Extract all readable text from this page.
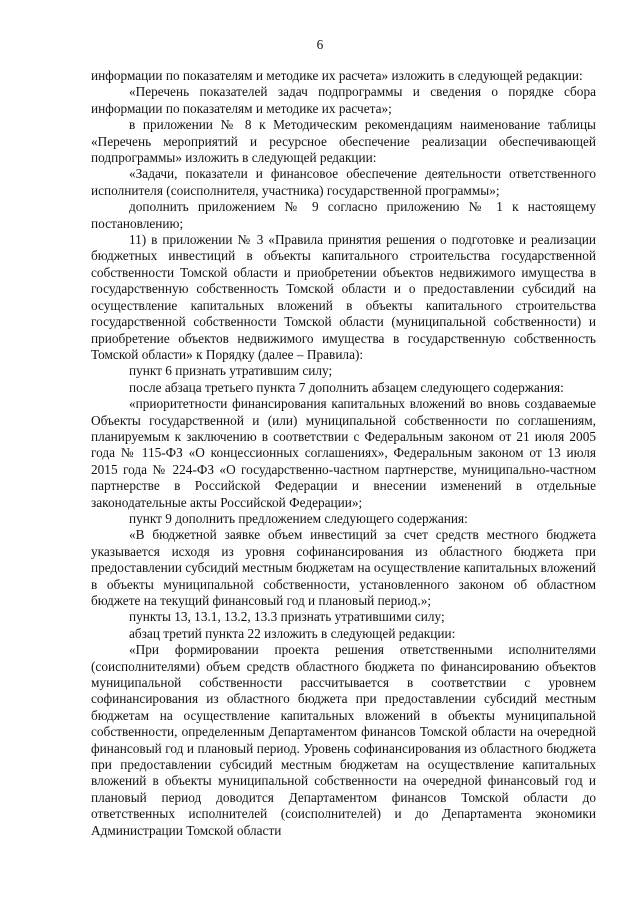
6

информации по показателям и методике их расчета» изложить в следующей редакции:

«Перечень показателей задач подпрограммы и сведения о порядке сбора информации по показателям и методике их расчета»;

в приложении № 8 к Методическим рекомендациям наименование таблицы «Перечень мероприятий и ресурсное обеспечение реализации обеспечивающей подпрограммы» изложить в следующей редакции:

«Задачи, показатели и финансовое обеспечение деятельности ответственного исполнителя (соисполнителя, участника) государственной программы»;

дополнить приложением № 9 согласно приложению № 1 к настоящему постановлению;

11) в приложении № 3 «Правила принятия решения о подготовке и реализации бюджетных инвестиций в объекты капитального строительства государственной собственности Томской области и приобретении объектов недвижимого имущества в государственную собственность Томской области и о предоставлении субсидий на осуществление капитальных вложений в объекты капитального строительства государственной собственности Томской области (муниципальной собственности) и приобретение объектов недвижимого имущества в государственную собственность Томской области» к Порядку (далее – Правила):

пункт 6 признать утратившим силу;

после абзаца третьего пункта 7 дополнить абзацем следующего содержания:

«приоритетности финансирования капитальных вложений во вновь создаваемые Объекты государственной и (или) муниципальной собственности по соглашениям, планируемым к заключению в соответствии с Федеральным законом от 21 июля 2005 года № 115-ФЗ «О концессионных соглашениях», Федеральным законом от 13 июля 2015 года № 224-ФЗ «О государственно-частном партнерстве, муниципально-частном партнерстве в Российской Федерации и внесении изменений в отдельные законодательные акты Российской Федерации»;

пункт 9 дополнить предложением следующего содержания:

«В бюджетной заявке объем инвестиций за счет средств местного бюджета указывается исходя из уровня софинансирования из областного бюджета при предоставлении субсидий местным бюджетам на осуществление капитальных вложений в объекты муниципальной собственности, установленного законом об областном бюджете на текущий финансовый год и плановый период.»;

пункты 13, 13.1, 13.2, 13.3 признать утратившими силу;

абзац третий пункта 22 изложить в следующей редакции:

«При формировании проекта решения ответственными исполнителями (соисполнителями) объем средств областного бюджета по финансированию объектов муниципальной собственности рассчитывается в соответствии с уровнем софинансирования из областного бюджета при предоставлении субсидий местным бюджетам на осуществление капитальных вложений в объекты муниципальной собственности, определенным Департаментом финансов Томской области на очередной финансовый год и плановый период. Уровень софинансирования из областного бюджета при предоставлении субсидий местным бюджетам на осуществление капитальных вложений в объекты муниципальной собственности на очередной финансовый год и плановый период доводится Департаментом финансов Томской области до ответственных исполнителей (соисполнителей) и до Департамента экономики Администрации Томской области
